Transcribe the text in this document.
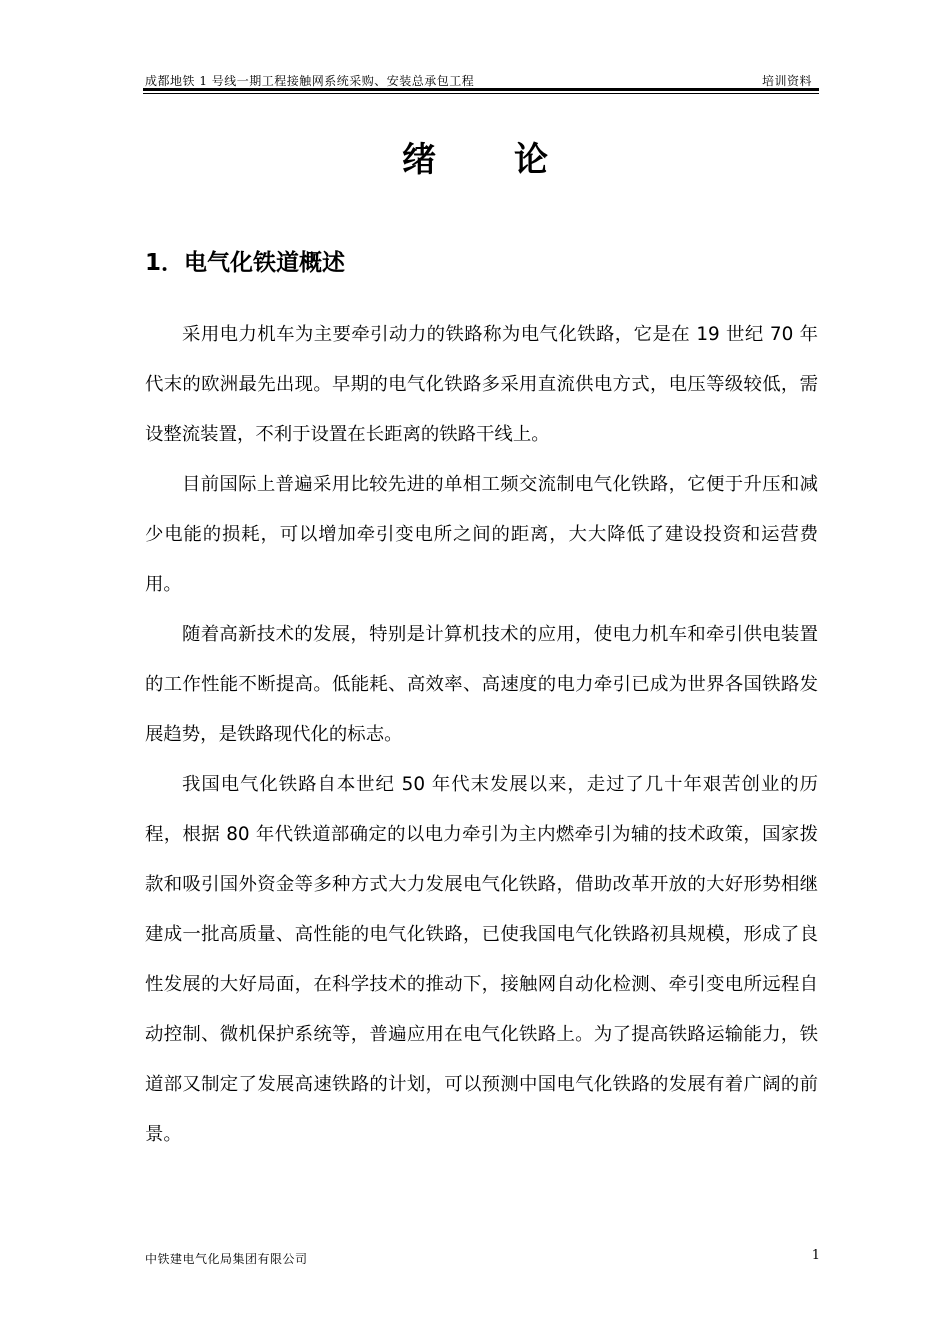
成都地铁 1 号线一期工程接触网系统采购、安装总承包工程	培训资料
绪论
1．电气化铁道概述

采用电力机车为主要牵引动力的铁路称为电气化铁路，它是在 19 世纪 70 年代末的欧洲最先出现。早期的电气化铁路多采用直流供电方式，电压等级较低，需设整流装置，不利于设置在长距离的铁路干线上。

目前国际上普遍采用比较先进的单相工频交流制电气化铁路，它便于升压和减少电能的损耗，可以增加牵引变电所之间的距离，大大降低了建设投资和运营费用。

随着高新技术的发展，特别是计算机技术的应用，使电力机车和牵引供电装置的工作性能不断提高。低能耗、高效率、高速度的电力牵引已成为世界各国铁路发展趋势，是铁路现代化的标志。

我国电气化铁路自本世纪 50 年代末发展以来，走过了几十年艰苦创业的历程，根据 80 年代铁道部确定的以电力牵引为主内燃牵引为辅的技术政策，国家拨款和吸引国外资金等多种方式大力发展电气化铁路，借助改革开放的大好形势相继建成一批高质量、高性能的电气化铁路，已使我国电气化铁路初具规模，形成了良性发展的大好局面，在科学技术的推动下，接触网自动化检测、牵引变电所远程自动控制、微机保护系统等，普遍应用在电气化铁路上。为了提高铁路运输能力，铁道部又制定了发展高速铁路的计划，可以预测中国电气化铁路的发展有着广阔的前景。

中铁建电气化局集团有限公司	1
